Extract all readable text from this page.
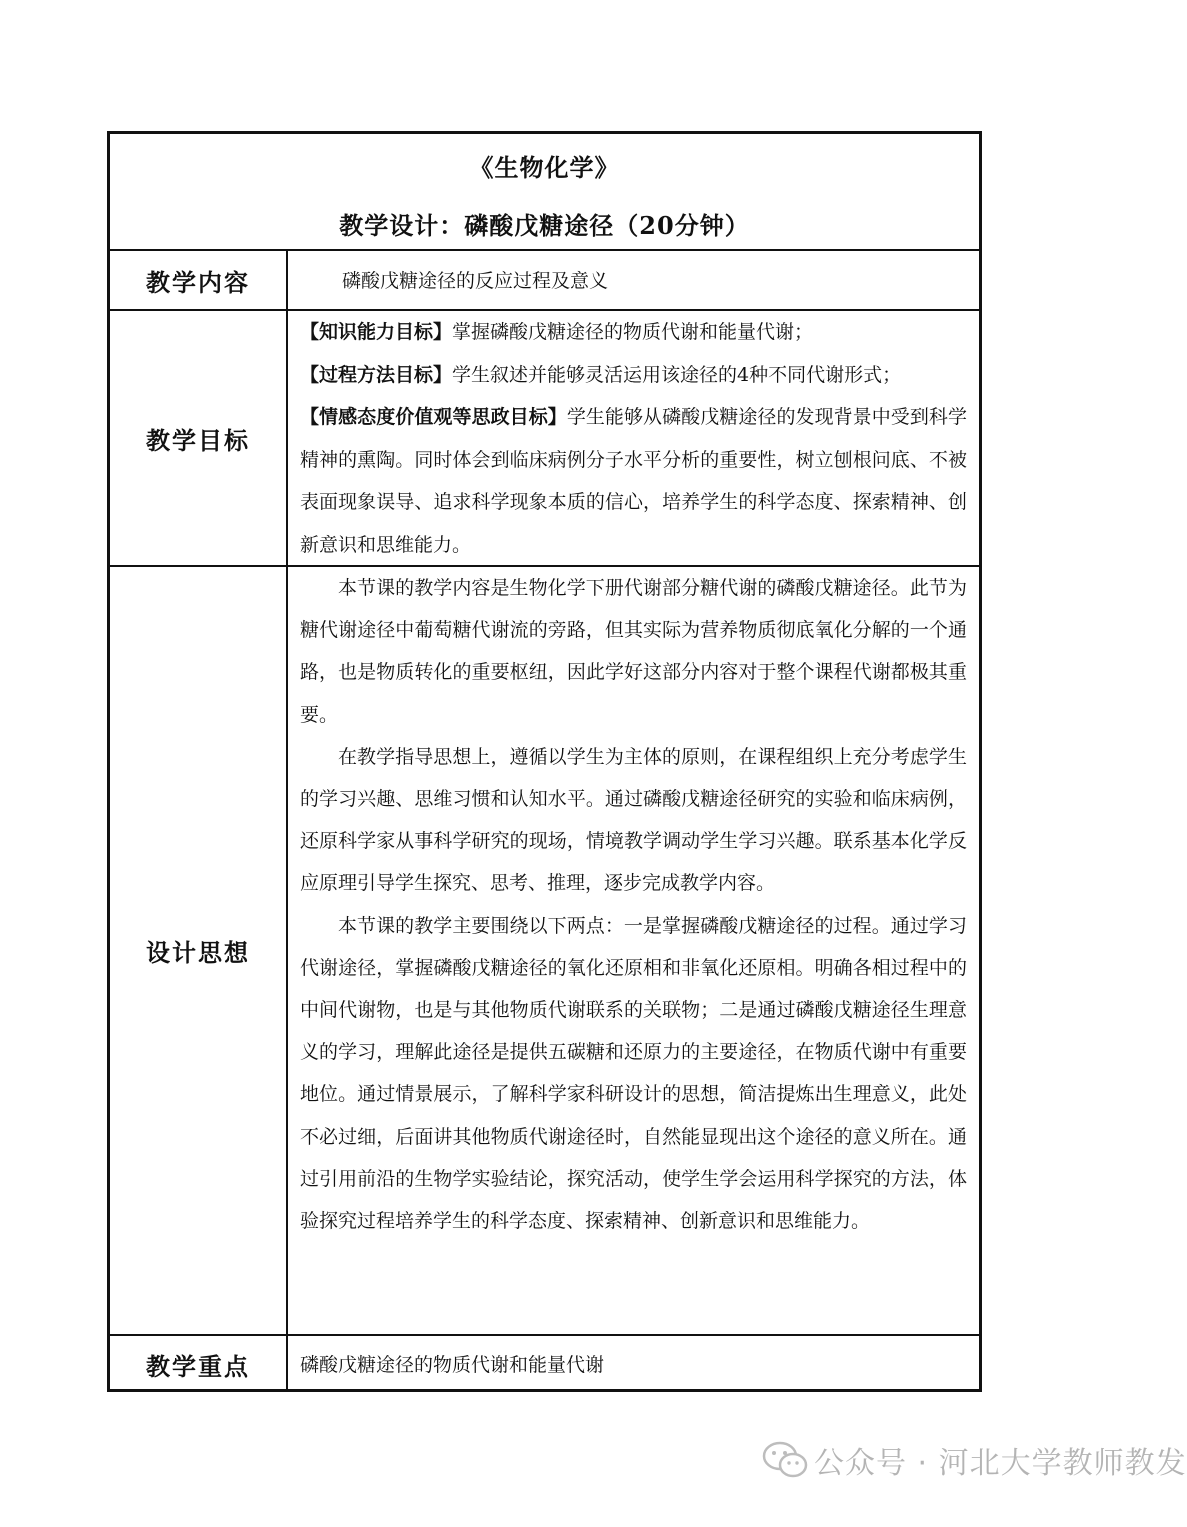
《生物化学》
教学设计：磷酸戊糖途径（20分钟）
教学内容	磷酸戊糖途径的反应过程及意义
教学目标
【知识能力目标】掌握磷酸戊糖途径的物质代谢和能量代谢；
【过程方法目标】学生叙述并能够灵活运用该途径的4种不同代谢形式；
【情感态度价值观等思政目标】学生能够从磷酸戊糖途径的发现背景中受到科学精神的熏陶。同时体会到临床病例分子水平分析的重要性，树立刨根问底、不被表面现象误导、追求科学现象本质的信心，培养学生的科学态度、探索精神、创新意识和思维能力。
设计思想
本节课的教学内容是生物化学下册代谢部分糖代谢的磷酸戊糖途径。此节为糖代谢途径中葡萄糖代谢流的旁路，但其实际为营养物质彻底氧化分解的一个通路，也是物质转化的重要枢纽，因此学好这部分内容对于整个课程代谢都极其重要。
在教学指导思想上，遵循以学生为主体的原则，在课程组织上充分考虑学生的学习兴趣、思维习惯和认知水平。通过磷酸戊糖途径研究的实验和临床病例，还原科学家从事科学研究的现场，情境教学调动学生学习兴趣。联系基本化学反应原理引导学生探究、思考、推理，逐步完成教学内容。
本节课的教学主要围绕以下两点：一是掌握磷酸戊糖途径的过程。通过学习代谢途径，掌握磷酸戊糖途径的氧化还原相和非氧化还原相。明确各相过程中的中间代谢物，也是与其他物质代谢联系的关联物；二是通过磷酸戊糖途径生理意义的学习，理解此途径是提供五碳糖和还原力的主要途径，在物质代谢中有重要地位。通过情景展示，了解科学家科研设计的思想，简洁提炼出生理意义，此处不必过细，后面讲其他物质代谢途径时，自然能显现出这个途径的意义所在。通过引用前沿的生物学实验结论，探究活动，使学生学会运用科学探究的方法，体验探究过程培养学生的科学态度、探索精神、创新意识和思维能力。
教学重点	磷酸戊糖途径的物质代谢和能量代谢
公众号 · 河北大学教师教发
